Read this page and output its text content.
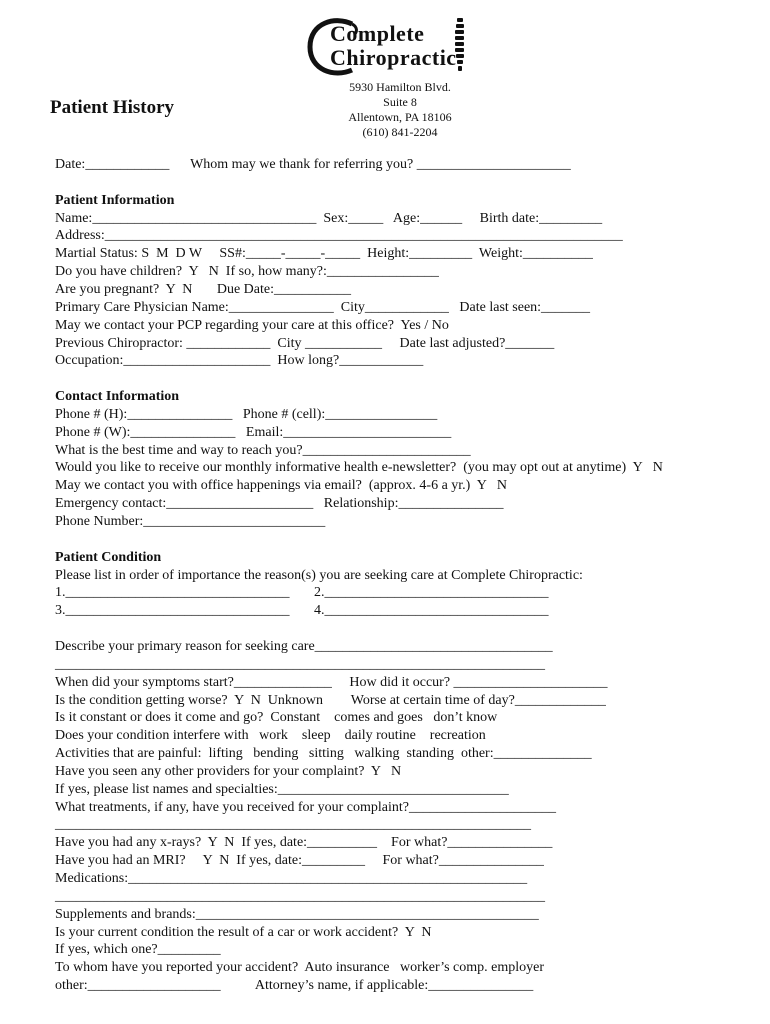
Complete Chiropractic
5930 Hamilton Blvd.
Suite 8
Allentown, PA 18106
(610) 841-2204
Patient History
Date:____________      Whom may we thank for referring you? ______________________
Patient Information
Name:________________________________  Sex:_____   Age:______     Birth date:_________
Address:__________________________________________________________________________
Martial Status: S  M  D W     SS#:_____-_____-_____  Height:_________  Weight:__________
Do you have children?  Y   N  If so, how many?:________________
Are you pregnant?  Y  N       Due Date:___________
Primary Care Physician Name:_______________  City____________   Date last seen:_______
May we contact your PCP regarding your care at this office?  Yes / No
Previous Chiropractor: ____________  City ___________     Date last adjusted?_______
Occupation:_____________________  How long?____________
Contact Information
Phone # (H):_______________   Phone # (cell):________________
Phone # (W):_______________   Email:________________________
What is the best time and way to reach you?________________________
Would you like to receive our monthly informative health e-newsletter?  (you may opt out at anytime)  Y   N
May we contact you with office happenings via email?  (approx. 4-6 a yr.)  Y   N
Emergency contact:_____________________   Relationship:_______________
Phone Number:__________________________
Patient Condition
Please list in order of importance the reason(s) you are seeking care at Complete Chiropractic:
1.________________________________       2.________________________________
3.________________________________       4.________________________________
Describe your primary reason for seeking care__________________________________
______________________________________________________________________
When did your symptoms start?______________     How did it occur? ______________________
Is the condition getting worse?  Y  N  Unknown        Worse at certain time of day?_____________
Is it constant or does it come and go?  Constant    comes and goes   don’t know
Does your condition interfere with   work    sleep    daily routine    recreation
Activities that are painful:  lifting   bending   sitting   walking  standing  other:______________
Have you seen any other providers for your complaint?  Y   N
If yes, please list names and specialties:_________________________________
What treatments, if any, have you received for your complaint?_____________________
____________________________________________________________________
Have you had any x-rays?  Y  N  If yes, date:__________    For what?_______________
Have you had an MRI?     Y  N  If yes, date:_________     For what?_______________
Medications:_________________________________________________________
______________________________________________________________________
Supplements and brands:_________________________________________________
Is your current condition the result of a car or work accident?  Y  N
If yes, which one?_________
To whom have you reported your accident?  Auto insurance   worker’s comp. employer
other:___________________          Attorney’s name, if applicable:_______________
